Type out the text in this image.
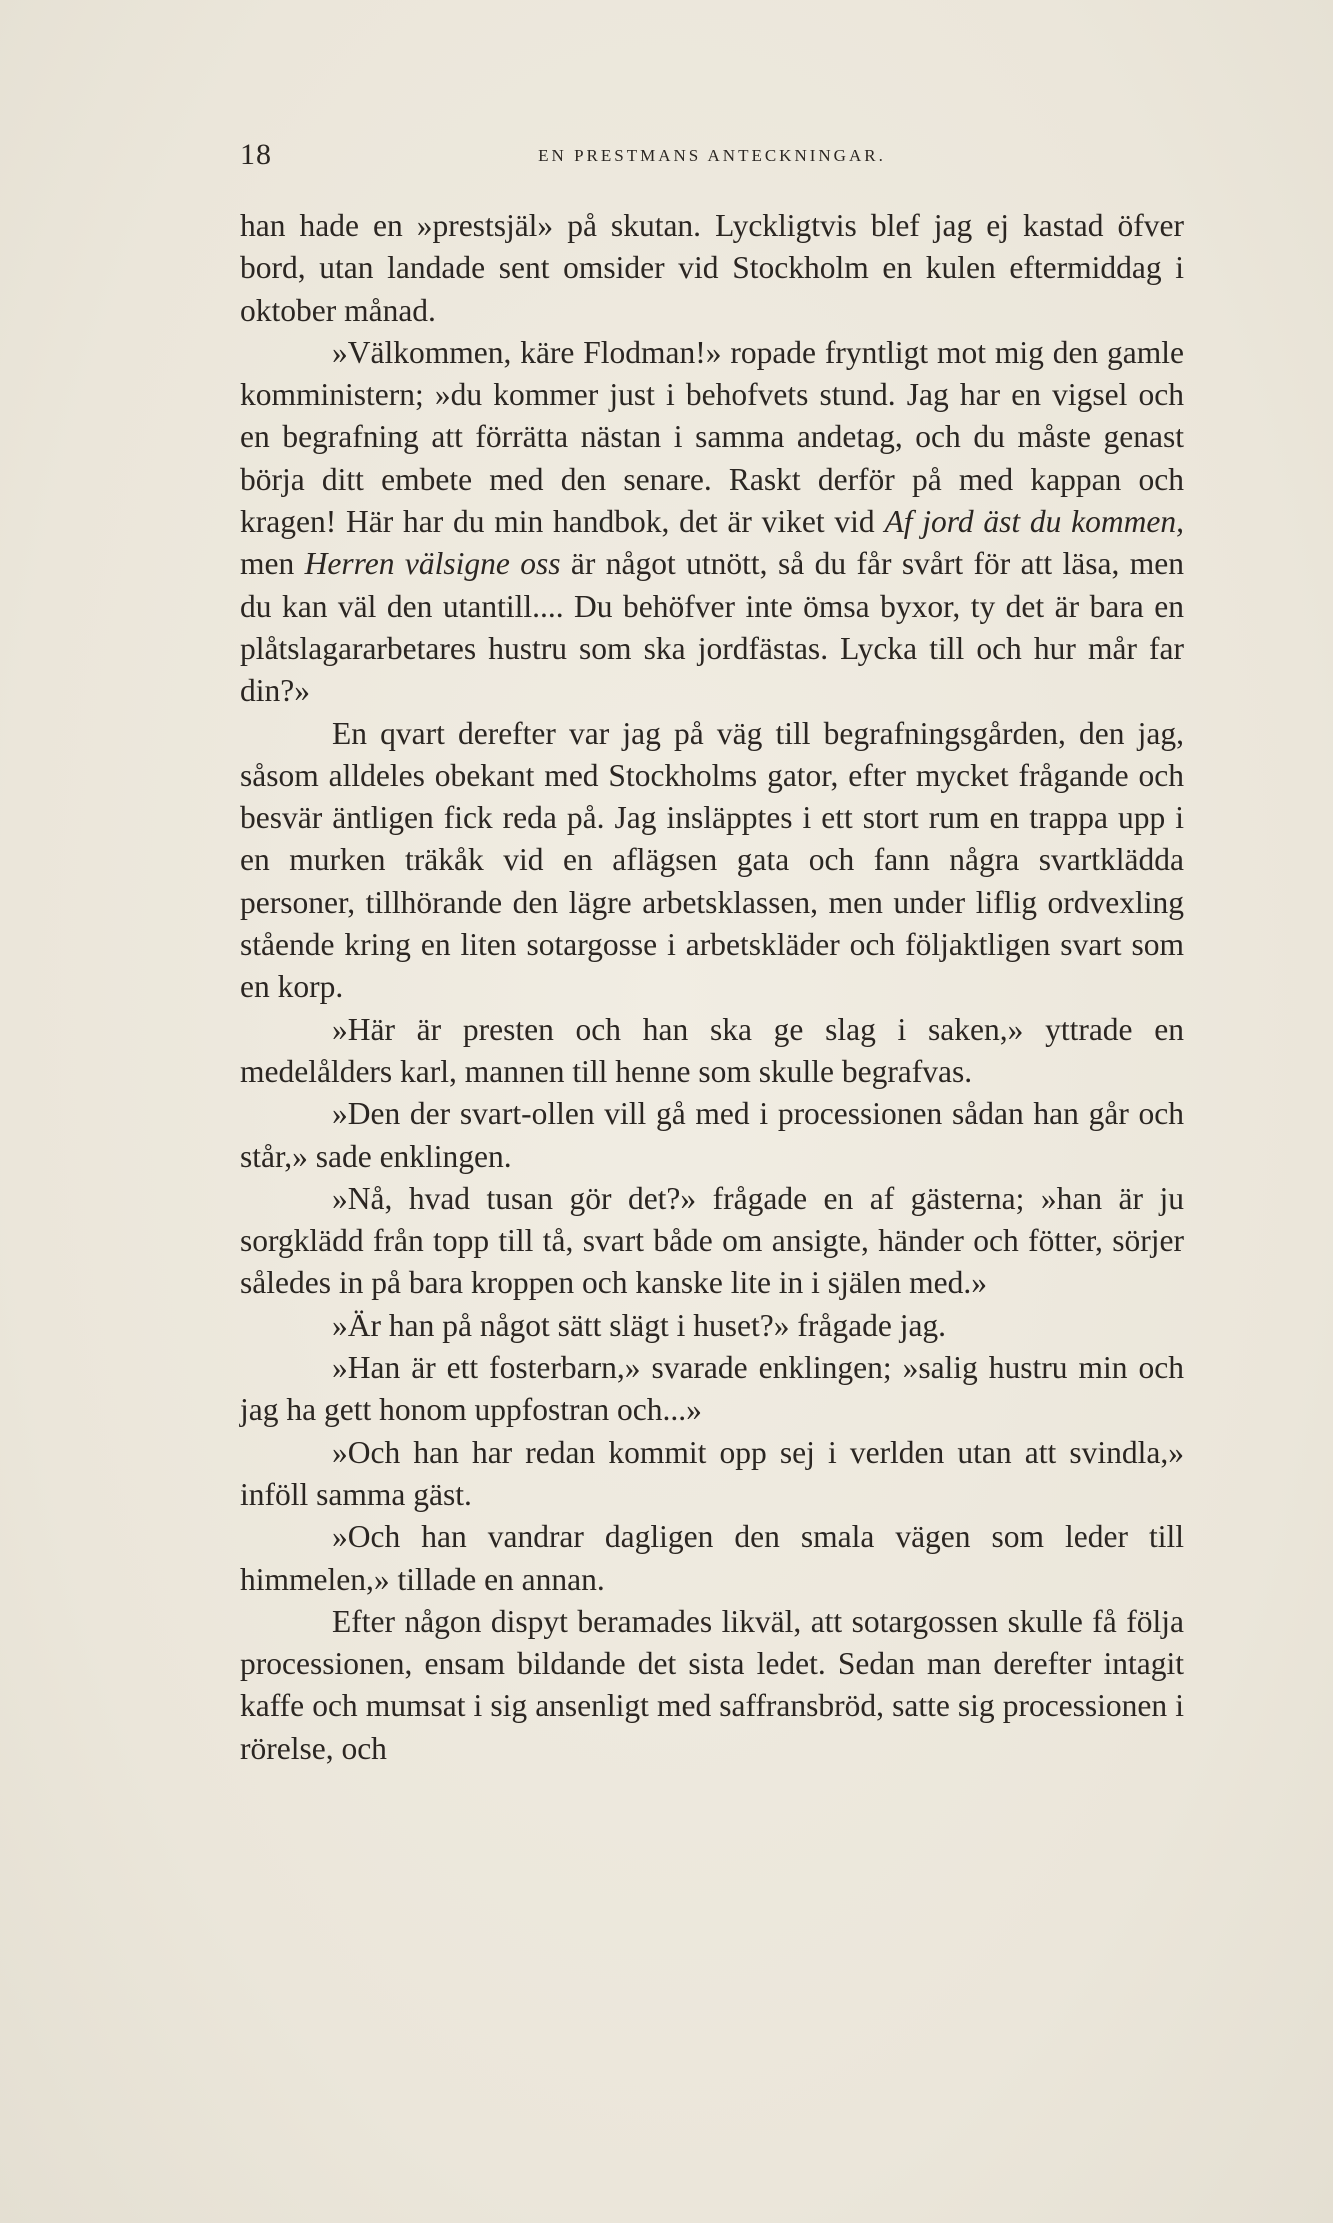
18	EN PRESTMANS ANTECKNINGAR.

han hade en »prestsjäl» på skutan. Lyckligtvis blef jag ej kastad öfver bord, utan landade sent omsider vid Stockholm en kulen eftermiddag i oktober månad.

»Välkommen, käre Flodman!» ropade fryntligt mot mig den gamle komministern; »du kommer just i behofvets stund. Jag har en vigsel och en begrafning att förrätta nästan i samma andetag, och du måste genast börja ditt embete med den senare. Raskt derför på med kappan och kragen! Här har du min handbok, det är viket vid Af jord äst du kommen, men Herren välsigne oss är något utnött, så du får svårt för att läsa, men du kan väl den utantill.... Du behöfver inte ömsa byxor, ty det är bara en plåtslagararbetares hustru som ska jordfästas. Lycka till och hur mår far din?»

En qvart derefter var jag på väg till begrafningsgården, den jag, såsom alldeles obekant med Stockholms gator, efter mycket frågande och besvär äntligen fick reda på. Jag insläpptes i ett stort rum en trappa upp i en murken träkåk vid en aflägsen gata och fann några svartklädda personer, tillhörande den lägre arbetsklassen, men under liflig ordvexling stående kring en liten sotargosse i arbetskläder och följaktligen svart som en korp.

»Här är presten och han ska ge slag i saken,» yttrade en medelålders karl, mannen till henne som skulle begrafvas.

»Den der svart-ollen vill gå med i processionen sådan han går och står,» sade enklingen.

»Nå, hvad tusan gör det?» frågade en af gästerna; »han är ju sorgklädd från topp till tå, svart både om ansigte, händer och fötter, sörjer således in på bara kroppen och kanske lite in i själen med.»

»Är han på något sätt slägt i huset?» frågade jag.

»Han är ett fosterbarn,» svarade enklingen; »salig hustru min och jag ha gett honom uppfostran och...»

»Och han har redan kommit opp sej i verlden utan att svindla,» inföll samma gäst.

»Och han vandrar dagligen den smala vägen som leder till himmelen,» tillade en annan.

Efter någon dispyt beramades likväl, att sotargossen skulle få följa processionen, ensam bildande det sista ledet. Sedan man derefter intagit kaffe och mumsat i sig ansenligt med saffransbröd, satte sig processionen i rörelse, och
